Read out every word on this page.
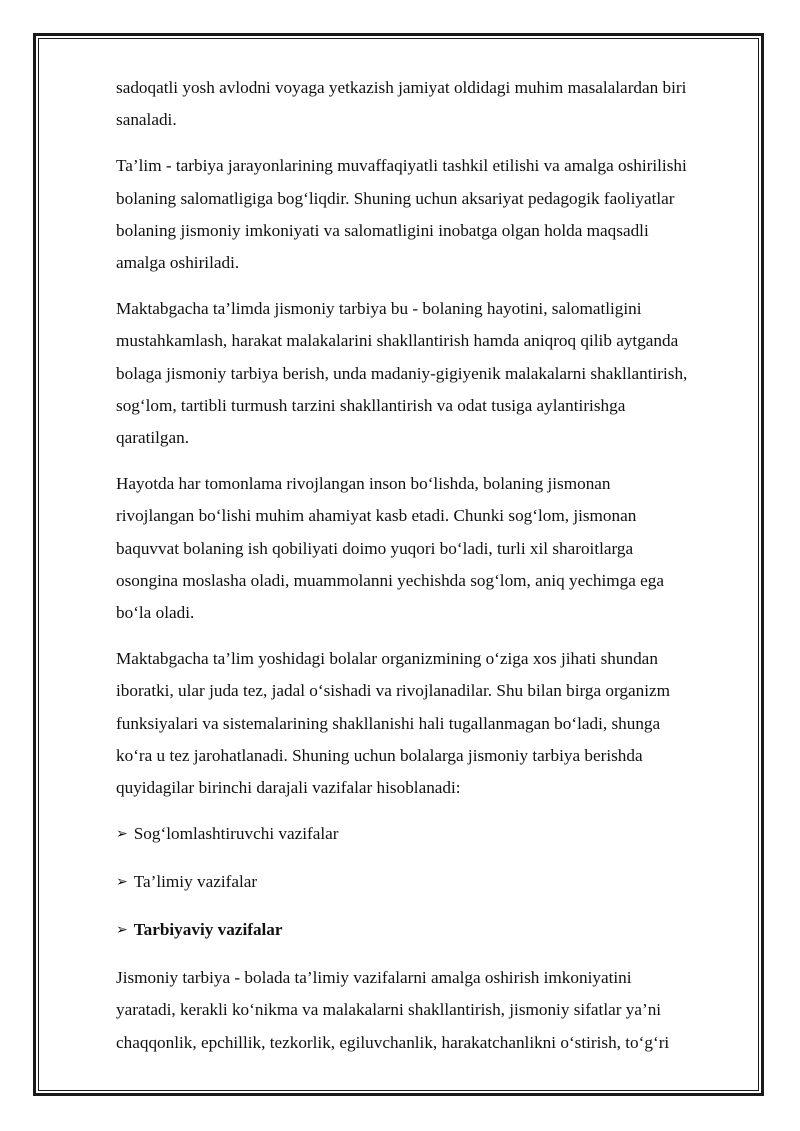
sadoqatli yosh avlodni voyaga yetkazish jamiyat oldidagi muhim masalalardan biri
sanaladi.

Ta’lim - tarbiya jarayonlarining muvaffaqiyatli tashkil etilishi va amalga oshirilishi
bolaning salomatligiga bog‘liqdir. Shuning uchun aksariyat pedagogik faoliyatlar
bolaning jismoniy imkoniyati va salomatligini inobatga olgan holda maqsadli
amalga oshiriladi.

Maktabgacha ta’limda jismoniy tarbiya bu - bolaning hayotini, salomatligini
mustahkamlash, harakat malakalarini shakllantirish hamda aniqroq qilib aytganda
bolaga jismoniy tarbiya berish, unda madaniy-gigiyenik malakalarni shakllantirish,
sog‘lom, tartibli turmush tarzini shakllantirish va odat tusiga aylantirishga
qaratilgan.

Hayotda har tomonlama rivojlangan inson bo‘lishda, bolaning jismonan
rivojlangan bo‘lishi muhim ahamiyat kasb etadi. Chunki sog‘lom, jismonan
baquvvat bolaning ish qobiliyati doimo yuqori bo‘ladi, turli xil sharoitlarga
osongina moslasha oladi, muammolanni yechishda sog‘lom, aniq yechimga ega
bo‘la oladi.

Maktabgacha ta’lim yoshidagi bolalar organizmining o‘ziga xos jihati shundan
iboratki, ular juda tez, jadal o‘sishadi va rivojlanadilar. Shu bilan birga organizm
funksiyalari va sistemalarining shakllanishi hali tugallanmagan bo‘ladi, shunga
ko‘ra u tez jarohatlanadi. Shuning uchun bolalarga jismoniy tarbiya berishda
quyidagilar birinchi darajali vazifalar hisoblanadi:

➢ Sog‘lomlashtiruvchi vazifalar
➢ Ta’limiy vazifalar
➢ Tarbiyaviy vazifalar

Jismoniy tarbiya - bolada ta’limiy vazifalarni amalga oshirish imkoniyatini
yaratadi, kerakli ko‘nikma va malakalarni shakllantirish, jismoniy sifatlar ya’ni
chaqqonlik, epchillik, tezkorlik, egiluvchanlik, harakatchanlikni o‘stirish, to‘g‘ri
